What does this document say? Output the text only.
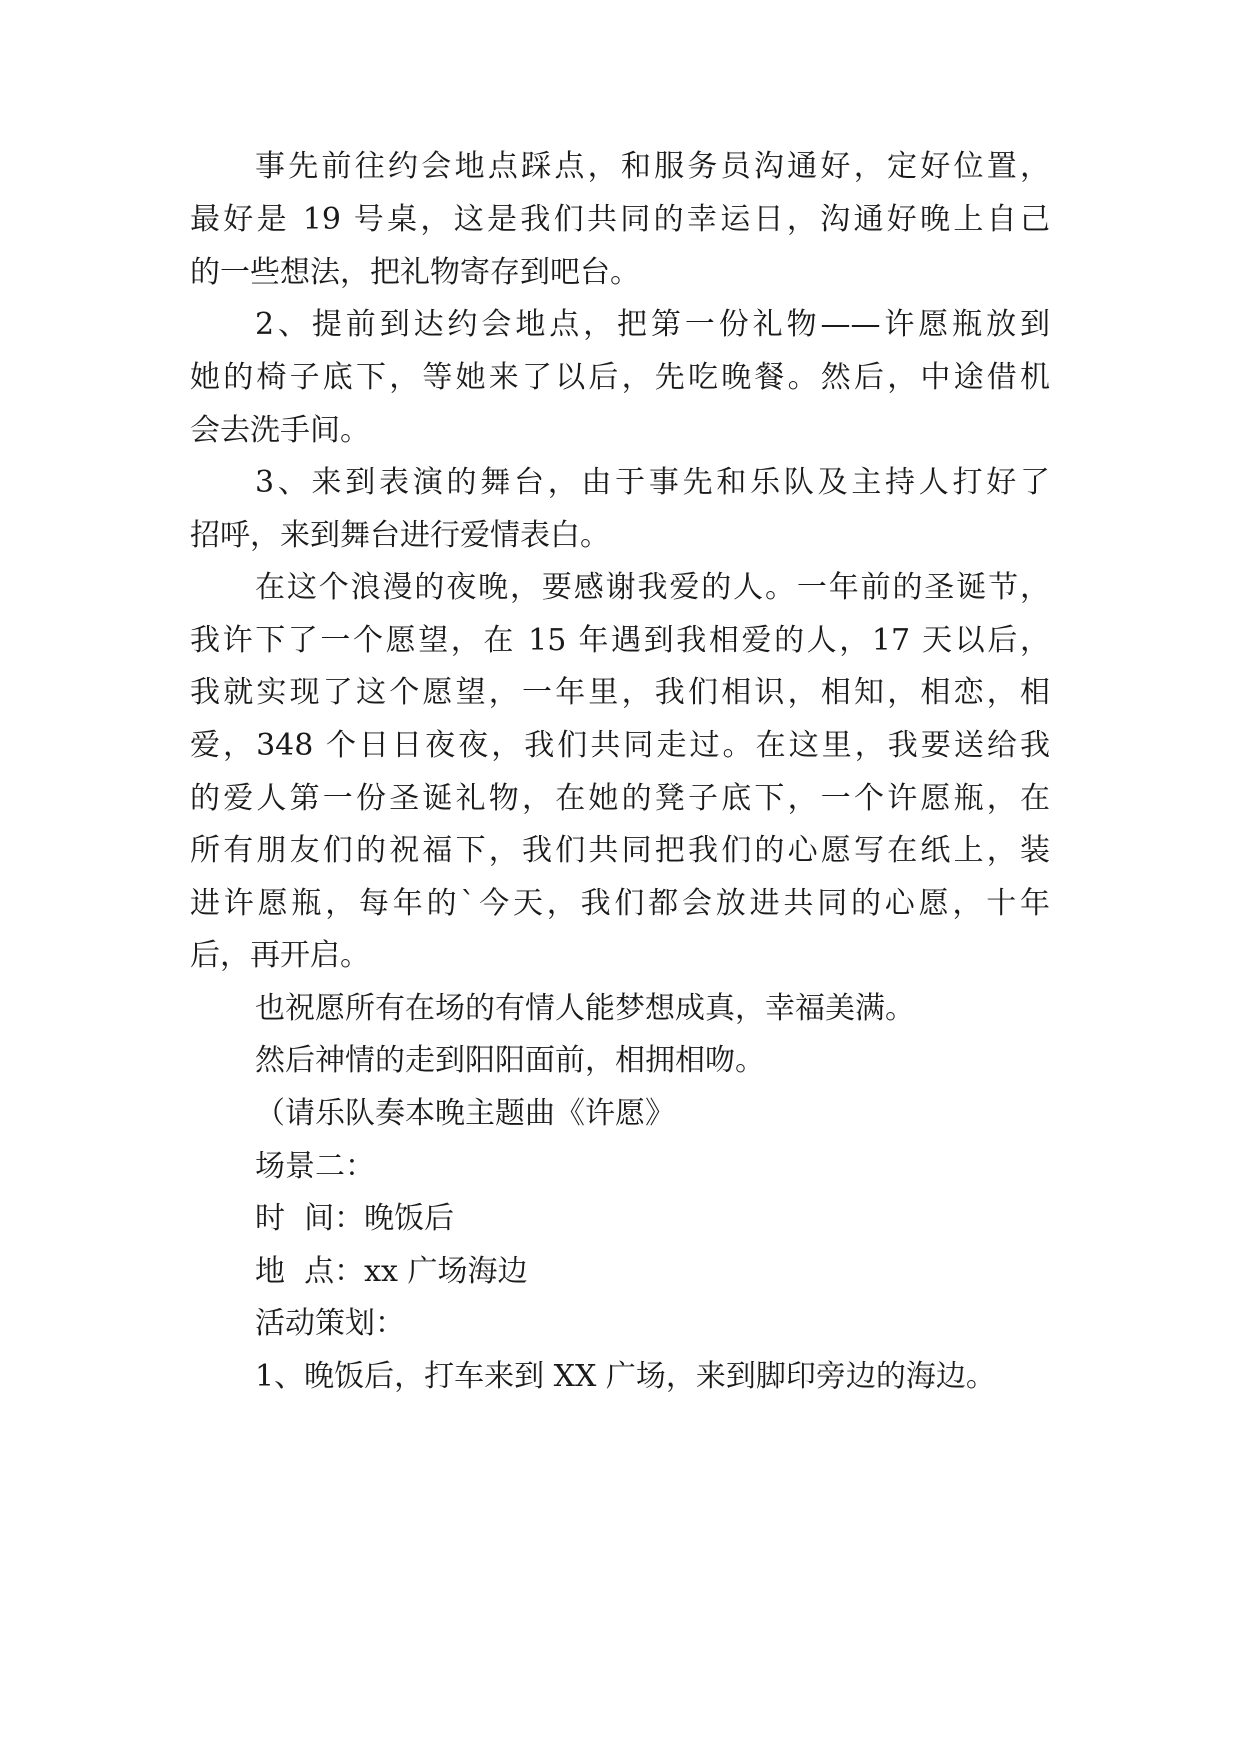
事先前往约会地点踩点，和服务员沟通好，定好位置，
最好是 19 号桌，这是我们共同的幸运日，沟通好晚上自己
的一些想法，把礼物寄存到吧台。
2、提前到达约会地点，把第一份礼物——许愿瓶放到
她的椅子底下，等她来了以后，先吃晚餐。然后，中途借机
会去洗手间。
3、来到表演的舞台，由于事先和乐队及主持人打好了
招呼，来到舞台进行爱情表白。
在这个浪漫的夜晚，要感谢我爱的人。一年前的圣诞节，
我许下了一个愿望，在 15 年遇到我相爱的人，17 天以后，
我就实现了这个愿望，一年里，我们相识，相知，相恋，相
爱，348 个日日夜夜，我们共同走过。在这里，我要送给我
的爱人第一份圣诞礼物，在她的凳子底下，一个许愿瓶，在
所有朋友们的祝福下，我们共同把我们的心愿写在纸上，装
进许愿瓶，每年的`今天，我们都会放进共同的心愿，十年
后，再开启。
也祝愿所有在场的有情人能梦想成真，幸福美满。
然后神情的走到阳阳面前，相拥相吻。
（请乐队奏本晚主题曲《许愿》
场景二：
时  间：晚饭后
地  点：xx 广场海边
活动策划：
1、晚饭后，打车来到 XX 广场，来到脚印旁边的海边。
